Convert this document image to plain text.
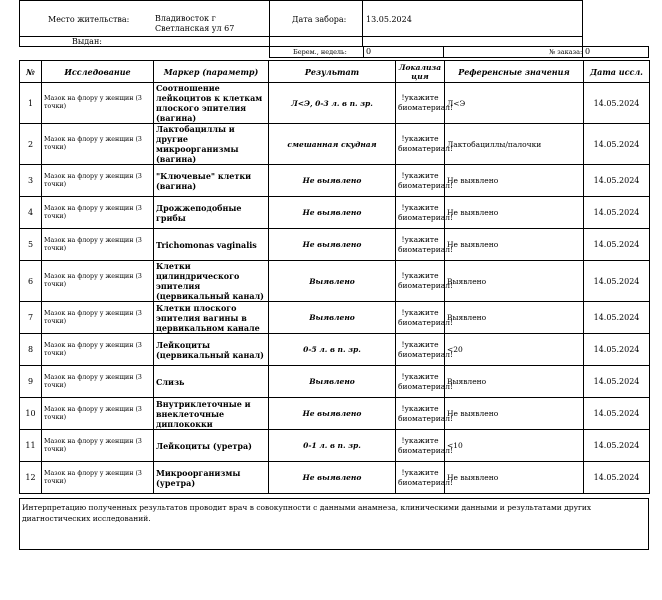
Место жительства:	Владивосток г Светланская ул 67
Дата забора: 13.05.2024
Выдан:
Берем., недель: 0	№ заказа: 0
№	Исследование	Маркер (параметр)	Результат	Локализация	Референсные значения	Дата иссл.
1	Мазок на флору у женщин (3 точки)	Соотношение лейкоцитов к клеткам плоского эпителия (вагина)	Л<Э, 0-3 л. в п. зр.	!укажите биоматериал!	Л<Э	14.05.2024
2	Мазок на флору у женщин (3 точки)	Лактобациллы и другие микроорганизмы (вагина)	смешанная скудная	!укажите биоматериал!	Лактобациллы/палочки	14.05.2024
3	Мазок на флору у женщин (3 точки)	"Ключевые" клетки (вагина)	Не выявлено	!укажите биоматериал!	Не выявлено	14.05.2024
4	Мазок на флору у женщин (3 точки)	Дрожжеподобные грибы	Не выявлено	!укажите биоматериал!	Не выявлено	14.05.2024
5	Мазок на флору у женщин (3 точки)	Trichomonas vaginalis	Не выявлено	!укажите биоматериал!	Не выявлено	14.05.2024
6	Мазок на флору у женщин (3 точки)	Клетки цилиндрического эпителия (цервикальный канал)	Выявлено	!укажите биоматериал!	Выявлено	14.05.2024
7	Мазок на флору у женщин (3 точки)	Клетки плоского эпителия вагины в цервикальном канале	Выявлено	!укажите биоматериал!	Выявлено	14.05.2024
8	Мазок на флору у женщин (3 точки)	Лейкоциты (цервикальный канал)	0-5 л. в п. зр.	!укажите биоматериал!	<20	14.05.2024
9	Мазок на флору у женщин (3 точки)	Слизь	Выявлено	!укажите биоматериал!	Выявлено	14.05.2024
10	Мазок на флору у женщин (3 точки)	Внутриклеточные и внеклеточные диплококки	Не выявлено	!укажите биоматериал!	Не выявлено	14.05.2024
11	Мазок на флору у женщин (3 точки)	Лейкоциты (уретра)	0-1 л. в п. зр.	!укажите биоматериал!	<10	14.05.2024
12	Мазок на флору у женщин (3 точки)	Микроорганизмы (уретра)	Не выявлено	!укажите биоматериал!	Не выявлено	14.05.2024
Интерпретацию полученных результатов проводит врач в совокупности с данными анамнеза, клиническими данными и результатами других диагностических исследований.
